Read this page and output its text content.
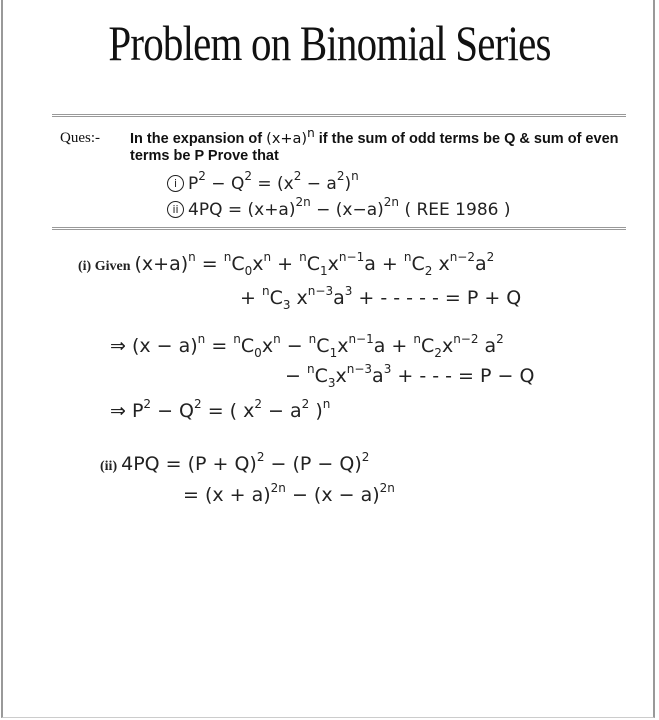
Problem on Binomial Series
Ques:- In the expansion of $(x+a)^n$ if the sum of odd terms be Q & sum of even terms be P Prove that
i $P^2 - Q^2 = (x^2 - a^2)^n$
ii $4PQ = (x+a)^{2n} - (x-a)^{2n}$ ( REE 1986 )
(i) Given $(x+a)^n = ^nC_0x^n + ^nC_1x^{n-1}a + ^nC_2$ $x^{n-2}a^2$
+ $^nC_3$ $x^{n-3}a^3$ + - - - - - = P + Q
⇒ $(x - a)^n = ^nC_0x^n - ^nC_1x^{n-1}a + ^nC_2x^{n-2}$ $a^2$
− $^nC_3x^{n-3}a^3$ + - - - = P − Q
⇒ $P^2 - Q^2$ = ( $x^2 - a^2$ )$^n$
(ii) $4PQ = (P + Q)^2 - (P - Q)^2$
= $(x + a)^{2n} - (x - a)^{2n}$
